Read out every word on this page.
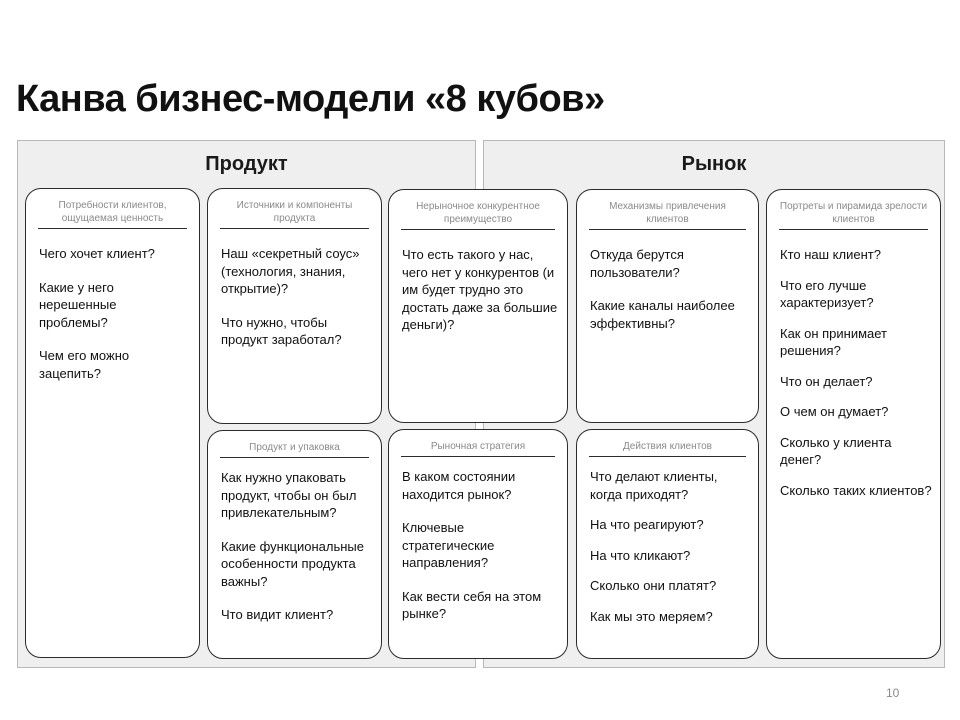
Канва бизнес-модели «8 кубов»
Продукт
Потребности клиентов, ощущаемая ценность

Чего хочет клиент?

Какие у него нерешенные проблемы?

Чем его можно зацепить?

Источники и компоненты продукта

Наш «секретный соус» (технология, знания, открытие)?

Что нужно, чтобы продукт заработал?

Продукт и упаковка

Как нужно упаковать продукт, чтобы он был привлекательным?

Какие функциональные особенности продукта важны?

Что видит клиент?

Рынок
Нерыночное конкурентное преимущество

Что есть такого у нас, чего нет у конкурентов (и им будет трудно это достать даже за большие деньги)?

Рыночная стратегия

В каком состоянии находится рынок?

Ключевые стратегические направления?

Как вести себя на этом рынке?

Механизмы привлечения клиентов

Откуда берутся пользователи?

Какие каналы наиболее эффективны?

Действия клиентов

Что делают клиенты, когда приходят?

На что реагируют?

На что кликают?

Сколько они платят?

Как мы это меряем?

Портреты и пирамида зрелости клиентов

Кто наш клиент?

Что его лучше характеризует?

Как он принимает решения?

Что он делает?

О чем он думает?

Сколько у клиента денег?

Сколько таких клиентов?

10
